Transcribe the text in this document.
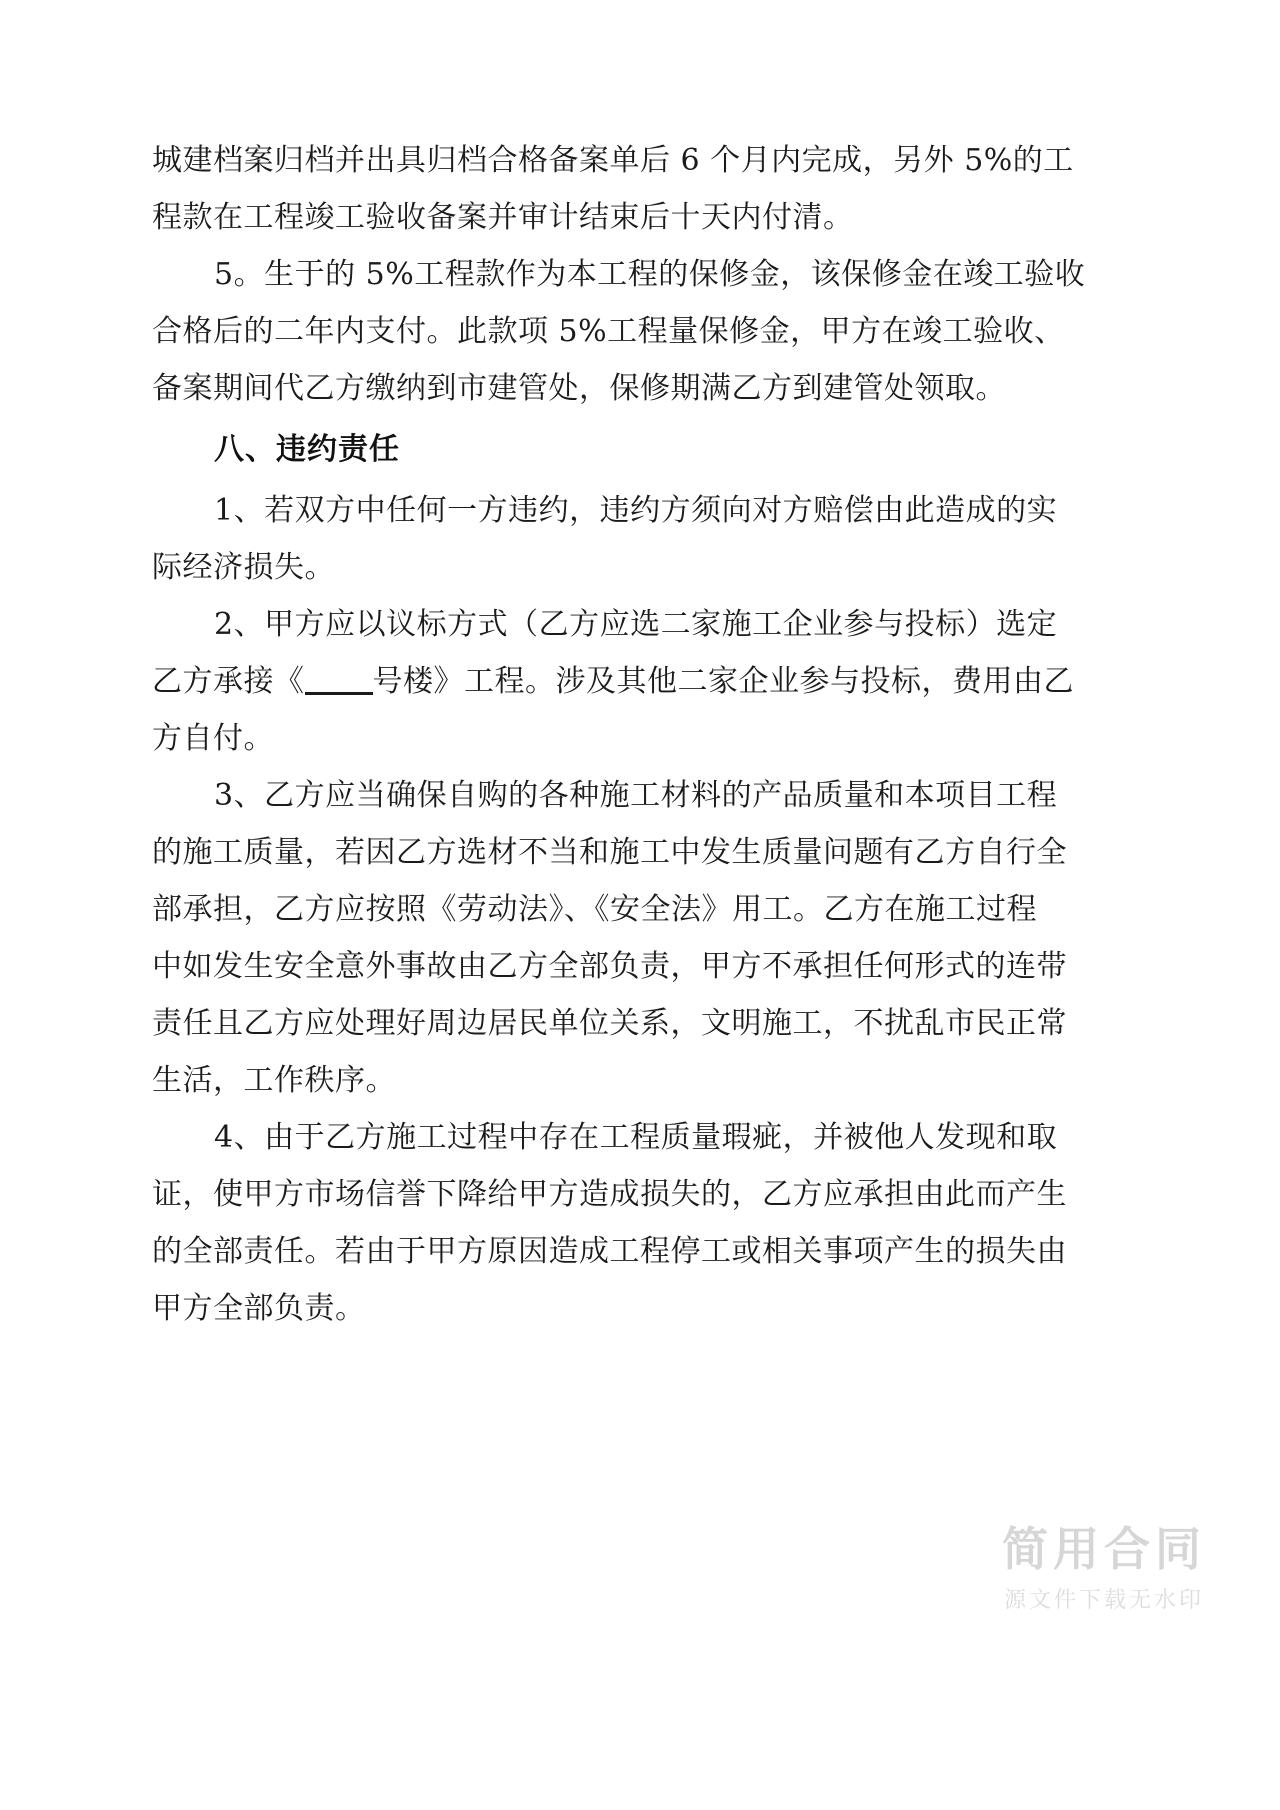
城建档案归档并出具归档合格备案单后 6 个月内完成，另外 5%的工
程款在工程竣工验收备案并审计结束后十天内付清。
5。生于的 5%工程款作为本工程的保修金，该保修金在竣工验收
合格后的二年内支付。此款项 5%工程量保修金，甲方在竣工验收、
备案期间代乙方缴纳到市建管处，保修期满乙方到建管处领取。
八、违约责任
1、若双方中任何一方违约，违约方须向对方赔偿由此造成的实
际经济损失。
2、甲方应以议标方式（乙方应选二家施工企业参与投标）选定
乙方承接《 号楼》工程。涉及其他二家企业参与投标，费用由乙
方自付。
3、乙方应当确保自购的各种施工材料的产品质量和本项目工程
的施工质量，若因乙方选材不当和施工中发生质量问题有乙方自行全
部承担，乙方应按照《劳动法》、《安全法》用工。乙方在施工过程
中如发生安全意外事故由乙方全部负责，甲方不承担任何形式的连带
责任且乙方应处理好周边居民单位关系，文明施工，不扰乱市民正常
生活，工作秩序。
4、由于乙方施工过程中存在工程质量瑕疵，并被他人发现和取
证，使甲方市场信誉下降给甲方造成损失的，乙方应承担由此而产生
的全部责任。若由于甲方原因造成工程停工或相关事项产生的损失由
甲方全部负责。
简用合同
源文件下载无水印
